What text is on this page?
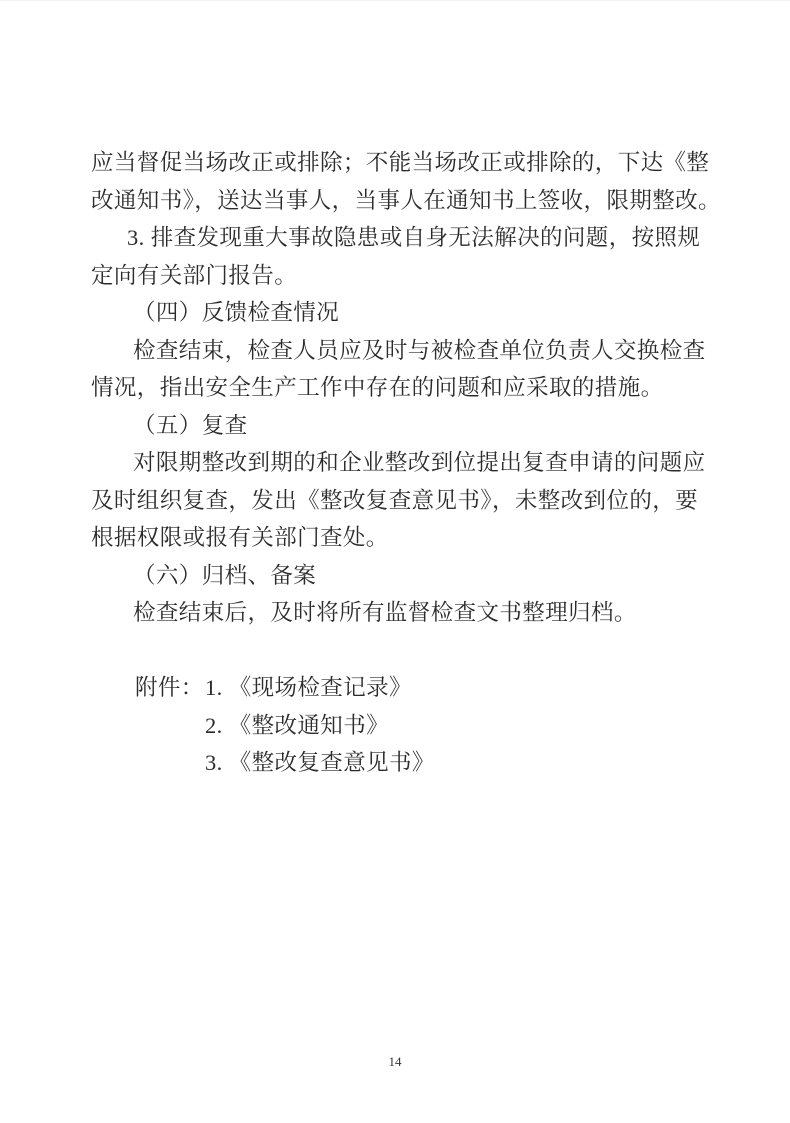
应当督促当场改正或排除；不能当场改正或排除的，下达《整
改通知书》，送达当事人，当事人在通知书上签收，限期整改。
3. 排查发现重大事故隐患或自身无法解决的问题，按照规
定向有关部门报告。
（四）反馈检查情况
检查结束，检查人员应及时与被检查单位负责人交换检查
情况，指出安全生产工作中存在的问题和应采取的措施。
（五）复查
对限期整改到期的和企业整改到位提出复查申请的问题应
及时组织复查，发出《整改复查意见书》，未整改到位的，要
根据权限或报有关部门查处。
（六）归档、备案
检查结束后，及时将所有监督检查文书整理归档。
附件：1. 《现场检查记录》
2. 《整改通知书》
3. 《整改复查意见书》
14
